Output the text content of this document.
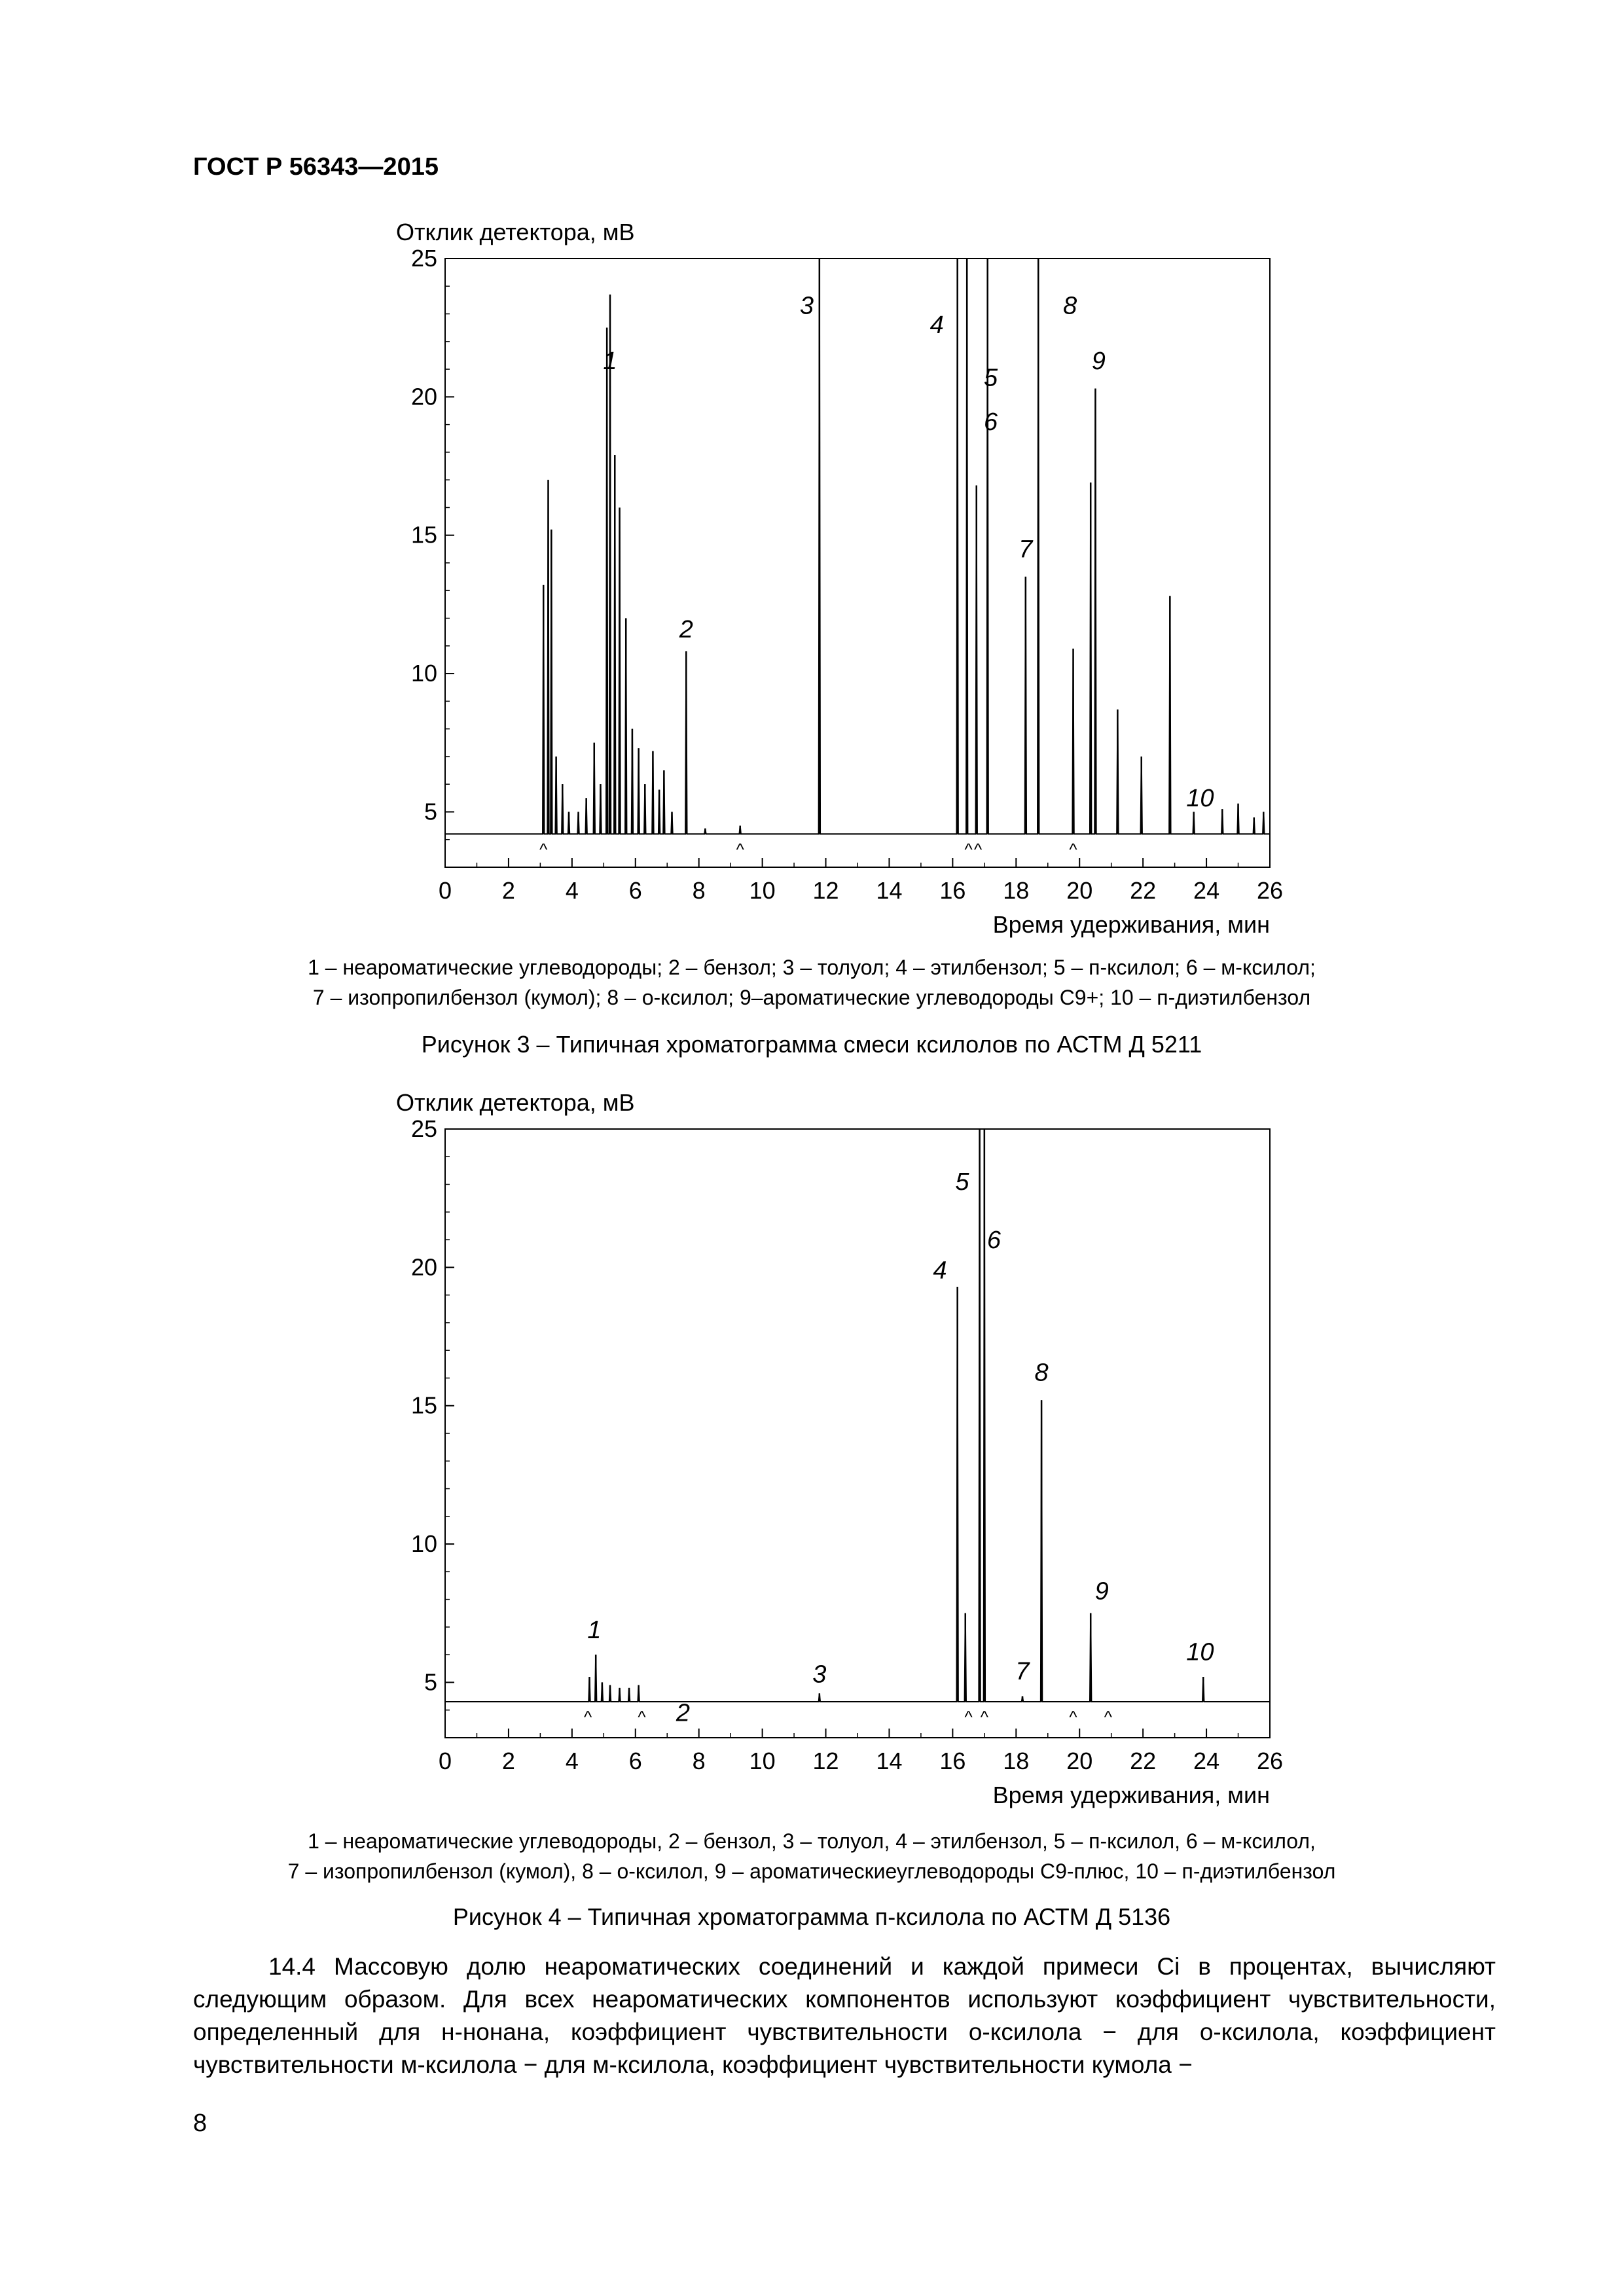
ГОСТ Р 56343—2015
Отклик детектора, мВ
5
10
15
20
25
0 2 4 6 8 10 12 14 16 18 20 22 24 26
Время удерживания, мин
^	^	^ ^	^
1
2
3
4
5
6
7
8
9
10
1 – неароматические углеводороды; 2 – бензол; 3 – толуол; 4 – этилбензол; 5 – п-ксилол; 6 – м-ксилол;
7 – изопропилбензол (кумол); 8 – о-ксилол; 9–ароматические углеводороды С9+; 10 – п-диэтилбензол
Рисунок 3 – Типичная хроматограмма смеси ксилолов по АСТМ Д 5211
Отклик детектора, мВ
5
10
15
20
25
0 2 4 6 8 10 12 14 16 18 20 22 24 26
Время удерживания, мин
^	^	^ ^	^ ^
1
2
3
4
5
6
7
8
9
10
1 – неароматические углеводороды, 2 – бензол, 3 – толуол, 4 – этилбензол, 5 – п-ксилол, 6 – м-ксилол,
7 – изопропилбензол (кумол), 8 – о-ксилол, 9 – ароматическиеуглеводороды С9-плюс, 10 – п-диэтилбензол
Рисунок 4 – Типичная хроматограмма п-ксилола по АСТМ Д 5136

14.4 Массовую долю неароматических соединений и каждой примеси Ci в процентах, вычисляют следующим образом. Для всех неароматических компонентов используют коэффициент чувствительности, определенный для н-нонана, коэффициент чувствительности о-ксилола − для о-ксилола, коэффициент чувствительности м-ксилола − для м-ксилола, коэффициент чувствительности кумола −

8
